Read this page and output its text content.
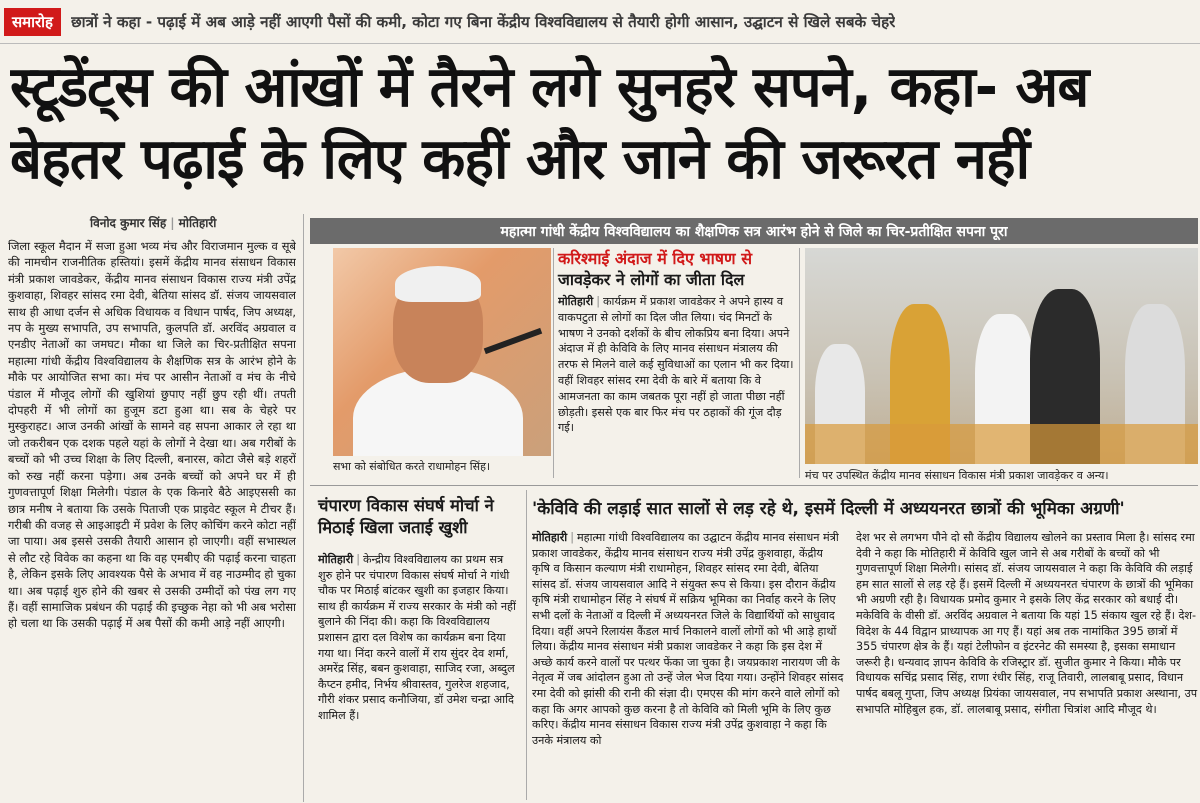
समारोह	छात्रों ने कहा - पढ़ाई में अब आड़े नहीं आएगी पैसों की कमी, कोटा गए बिना केंद्रीय विश्वविद्यालय से तैयारी होगी आसान, उद्घाटन से खिले सबके चेहरे
स्टूडेंट्स की आंखों में तैरने लगे सुनहरे सपने, कहा- अब
बेहतर पढ़ाई के लिए कहीं और जाने की जरूरत नहीं
विनोद कुमार सिंह | मोतिहारी
जिला स्कूल मैदान में सजा हुआ भव्य मंच और विराजमान मुल्क व सूबे की नामचीन राजनीतिक हस्तियां। इसमें केंद्रीय मानव संसाधन विकास मंत्री प्रकाश जावडेकर, केंद्रीय मानव संसाधन विकास राज्य मंत्री उपेंद्र कुशवाहा, शिवहर सांसद रमा देवी, बेतिया सांसद डॉ. संजय जायसवाल साथ ही आधा दर्जन से अधिक विधायक व विधान पार्षद, जिप अध्यक्ष, नप के मुख्य सभापति, उप सभापति, कुलपति डॉ. अरविंद अग्रवाल व एनडीए नेताओं का जमघट। मौका था जिले का चिर-प्रतीक्षित सपना महात्मा गांधी केंद्रीय विश्वविद्यालय के शैक्षणिक सत्र के आरंभ होने के मौके पर आयोजित सभा का। मंच पर आसीन नेताओं व मंच के नीचे पंडाल में मौजूद लोगों की खुशियां छुपाए नहीं छुप रही थीं। तपती दोपहरी में भी लोगों का हुजूम डटा हुआ था। सब के चेहरे पर मुस्कुराहट। आज उनकी आंखों के सामने वह सपना आकार ले रहा था जो तकरीबन एक दशक पहले यहां के लोगों ने देखा था। अब गरीबों के बच्चों को भी उच्च शिक्षा के लिए दिल्ली, बनारस, कोटा जैसे बड़े शहरों को रुख नहीं करना पड़ेगा। अब उनके बच्चों को अपने घर में ही गुणवत्तापूर्ण शिक्षा मिलेगी। पंडाल के एक किनारे बैठे आइएससी का छात्र मनीष ने बताया कि उसके पिताजी एक प्राइवेट स्कूल मे टीचर हैं। गरीबी की वजह से आइआइटी में प्रवेश के लिए कोचिंग करने कोटा नहीं जा पाया। अब इससे उसकी तैयारी आसान हो जाएगी। वहीं सभास्थल से लौट रहे विवेक का कहना था कि वह एमबीए की पढ़ाई करना चाहता है, लेकिन इसके लिए आवश्यक पैसे के अभाव में वह नाउम्मीद हो चुका था। अब पढ़ाई शुरु होने की खबर से उसकी उम्मीदों को पंख लग गए हैं। वहीं सामाजिक प्रबंधन की पढ़ाई की इच्छुक नेहा को भी अब भरोसा हो चला था कि उसकी पढ़ाई में अब पैसों की कमी आड़े नहीं आएगी।
महात्मा गांधी केंद्रीय विश्वविद्यालय का शैक्षणिक सत्र आरंभ होने से जिले का चिर-प्रतीक्षित सपना पूरा
सभा को संबोधित करते राधामोहन सिंह।
करिश्माई अंदाज में दिए भाषण से
जावड़ेकर ने लोगों का जीता दिल
मोतिहारी | कार्यक्रम में प्रकाश जावडेकर ने अपने हास्य व वाकपटुता से लोगों का दिल जीत लिया। चंद मिनटों के भाषण ने उनको दर्शकों के बीच लोकप्रिय बना दिया। अपने अंदाज में ही केविवि के लिए मानव संसाधन मंत्रालय की तरफ से मिलने वाले कई सुविधाओं का एलान भी कर दिया। वहीं शिवहर सांसद रमा देवी के बारे में बताया कि वे आमजनता का काम जबतक पूरा नहीं हो जाता पीछा नहीं छोड़ती। इससे एक बार फिर मंच पर ठहाकों की गूंज दौड़ गई।
मंच पर उपस्थित केंद्रीय मानव संसाधन विकास मंत्री प्रकाश जावड़ेकर व अन्य।
चंपारण विकास संघर्ष मोर्चा ने मिठाई खिला जताई खुशी
मोतिहारी | केन्द्रीय विश्वविद्यालय का प्रथम सत्र शुरु होने पर चंपारण विकास संघर्ष मोर्चा ने गांधी चौक पर मिठाई बांटकर खुशी का इजहार किया। साथ ही कार्यक्रम में राज्य सरकार के मंत्री को नहीं बुलाने की निंदा की। कहा कि विश्वविद्यालय प्रशासन द्वारा दल विशेष का कार्यक्रम बना दिया गया था। निंदा करने वालों में राय सुंदर देव शर्मा, अमरेंद्र सिंह, बबन कुशवाहा, साजिद रजा, अब्दुल कैप्टन हमीद, निर्भय श्रीवास्तव, गुलरेज शहजाद, गौरी शंकर प्रसाद कनौजिया, डॉ उमेश चन्द्रा आदि शामिल हैं।
'केविवि की लड़ाई सात सालों से लड़ रहे थे, इसमें दिल्ली में अध्ययनरत छात्रों की भूमिका अग्रणी'
मोतिहारी | महात्मा गांधी विश्वविद्यालय का उद्घाटन केंद्रीय मानव संसाधन मंत्री प्रकाश जावडेकर, केंद्रीय मानव संसाधन राज्य मंत्री उपेंद्र कुशवाहा, केंद्रीय कृषि व किसान कल्याण मंत्री राधामोहन, शिवहर सांसद रमा देवी, बेतिया सांसद डॉ. संजय जायसवाल आदि ने संयुक्त रूप से किया। इस दौरान केंद्रीय कृषि मंत्री राधामोहन सिंह ने संघर्ष में सक्रिय भूमिका का निर्वाह करने के लिए सभी दलों के नेताओं व दिल्ली में अध्ययनरत जिले के विद्यार्थियों को साधुवाद दिया। वहीं अपने रिलायंस कैंडल मार्च निकालने वालों लोगों को भी आड़े हाथों लिया। केंद्रीय मानव संसाधन मंत्री प्रकाश जावडेकर ने कहा कि इस देश में अच्छे कार्य करने वालों पर पत्थर फेंका जा चुका है। जयप्रकाश नारायण जी के नेतृत्व में जब आंदोलन हुआ तो उन्हें जेल भेज दिया गया। उन्होंने शिवहर सांसद रमा देवी को झांसी की रानी की संज्ञा दी। एमएस की मांग करने वाले लोगों को कहा कि अगर आपको कुछ करना है तो केविवि को मिली भूमि के लिए कुछ करिए। केंद्रीय मानव संसाधन विकास राज्य मंत्री उपेंद्र कुशवाहा ने कहा कि उनके मंत्रालय को
देश भर से लगभग पौने दो सौ केंद्रीय विद्यालय खोलने का प्रस्ताव मिला है। सांसद रमा देवी ने कहा कि मोतिहारी में केविवि खुल जाने से अब गरीबों के बच्चों को भी गुणवत्तापूर्ण शिक्षा मिलेगी। सांसद डॉ. संजय जायसवाल ने कहा कि केविवि की लड़ाई हम सात सालों से लड़ रहे हैं। इसमें दिल्ली में अध्ययनरत चंपारण के छात्रों की भूमिका भी अग्रणी रही है। विधायक प्रमोद कुमार ने इसके लिए केंद्र सरकार को बधाई दी। मकेविवि के वीसी डॉ. अरविंद अग्रवाल ने बताया कि यहां 15 संकाय खुल रहे हैं। देश-विदेश के 44 विद्वान प्राध्यापक आ गए हैं। यहां अब तक नामांकित 395 छात्रों में 355 चंपारण क्षेत्र के हैं। यहां टेलीफोन व इंटरनेट की समस्या है, इसका समाधान जरूरी है। धन्यवाद ज्ञापन केविवि के रजिस्ट्रार डॉ. सुजीत कुमार ने किया। मौके पर विधायक सचिंद्र प्रसाद सिंह, राणा रंधीर सिंह, राजू तिवारी, लालबाबू प्रसाद, विधान पार्षद बबलू गुप्ता, जिप अध्यक्ष प्रियंका जायसवाल, नप सभापति प्रकाश अस्थाना, उप सभापति मोहिबुल हक, डॉ. लालबाबू प्रसाद, संगीता चित्रांश आदि मौजूद थे।
